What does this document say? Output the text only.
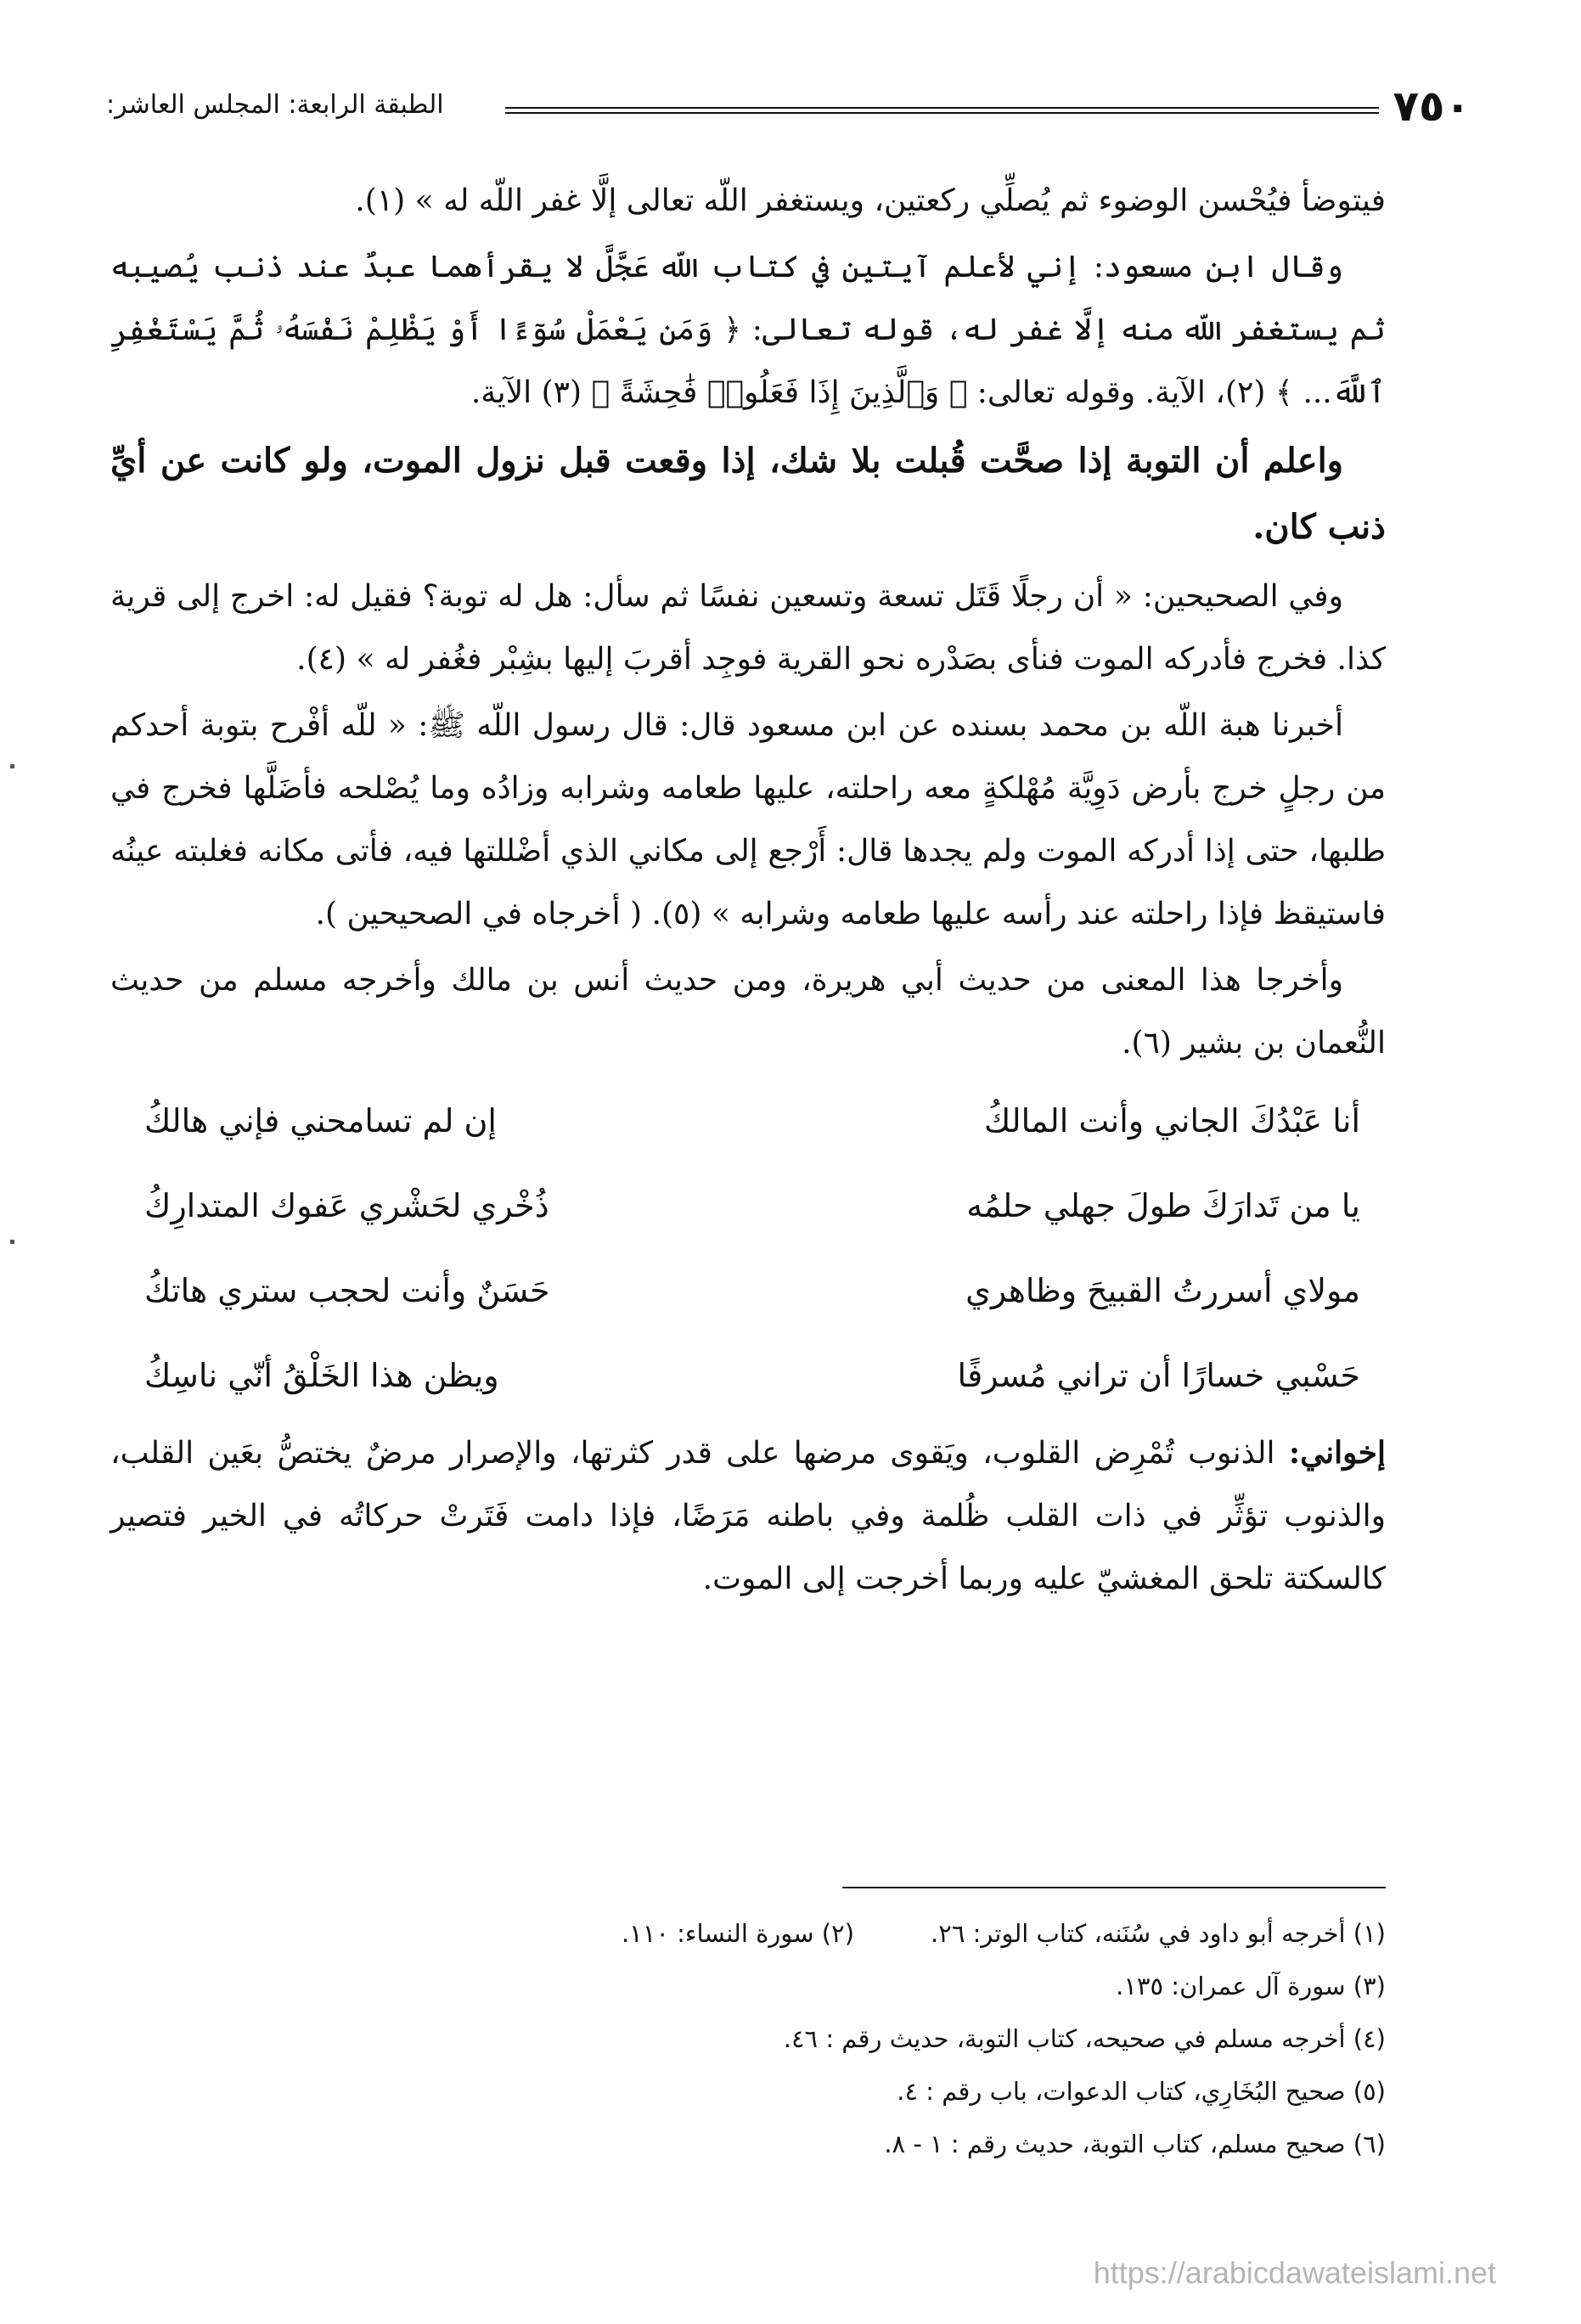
٧٥٠
الطبقة الرابعة: المجلس العاشر:

فيتوضأ فيُحْسن الوضوء ثم يُصلِّي ركعتين، ويستغفر اللّه تعالى إلَّا غفر اللّه له » (١).

وقال ابن مسعود: إني لأعلم آيتين في كتاب اللّه عَجَّلَّ لا يقرأهما عبدٌ عند ذنب يُصيبه ثم يستغفر اللّه منه إلَّا غفر له، قوله تعالى: ﴿ وَمَن يَعْمَلْ سُوٓءًا أَوْ يَظْلِمْ نَفْسَهُۥ ثُمَّ يَسْتَغْفِرِ ٱللَّهَ... ﴾ (٢)، الآية. وقوله تعالى: ﴿ وَٱلَّذِينَ إِذَا فَعَلُوا۟ فَٰحِشَةً ﴾ (٣) الآية.

واعلم أن التوبة إذا صحَّت قُبلت بلا شك، إذا وقعت قبل نزول الموت، ولو كانت عن أيِّ ذنب كان.

وفي الصحيحين: « أن رجلًا قَتَل تسعة وتسعين نفسًا ثم سأل: هل له توبة؟ فقيل له: اخرج إلى قرية كذا. فخرج فأدركه الموت فنأى بصَدْره نحو القرية فوجِد أقربَ إليها بشِبْر فغُفر له » (٤).

أخبرنا هبة اللّه بن محمد بسنده عن ابن مسعود قال: قال رسول اللّه ﷺ: « للّه أفْرح بتوبة أحدكم من رجلٍ خرج بأرض دَوِيَّة مُهْلكةٍ معه راحلته، عليها طعامه وشرابه وزادُه وما يُصْلحه فأضَلَّها فخرج في طلبها، حتى إذا أدركه الموت ولم يجدها قال: أَرْجع إلى مكاني الذي أضْللتها فيه، فأتى مكانه فغلبته عينُه فاستيقظ فإذا راحلته عند رأسه عليها طعامه وشرابه » (٥). ( أخرجاه في الصحيحين ).

وأخرجا هذا المعنى من حديث أبي هريرة، ومن حديث أنس بن مالك وأخرجه مسلم من حديث النُّعمان بن بشير (٦).

أنا عَبْدُكَ الجاني وأنت المالكُ
إن لم تسامحني فإني هالكُ
يا من تَدارَكَ طولَ جهلي حلمُه
ذُخْري لحَشْري عَفوك المتدارِكُ
مولاي أسررتُ القبيحَ وظاهري
حَسَنٌ وأنت لحجب ستري هاتكُ
حَسْبي خسارًا أن تراني مُسرفًا
ويظن هذا الخَلْقُ أنّي ناسِكُ

إخواني: الذنوب تُمْرِض القلوب، ويَقوى مرضها على قدر كثرتها، والإصرار مرضٌ يختصُّ بعَين القلب، والذنوب تؤثِّر في ذات القلب ظُلمة وفي باطنه مَرَضًا، فإذا دامت فَتَرتْ حركاتُه في الخير فتصير كالسكتة تلحق المغشيّ عليه وربما أخرجت إلى الموت.

(١) أخرجه أبو داود في سُنَنه، كتاب الوتر: ٢٦.(٢) سورة النساء: ١١٠.
(٣) سورة آل عمران: ١٣٥.
(٤) أخرجه مسلم في صحيحه، كتاب التوبة، حديث رقم : ٤٦.
(٥) صحيح البُخَارِي، كتاب الدعوات، باب رقم : ٤.
(٦) صحيح مسلم، كتاب التوبة، حديث رقم : ١ - ٨.
https://arabicdawateislami.net
